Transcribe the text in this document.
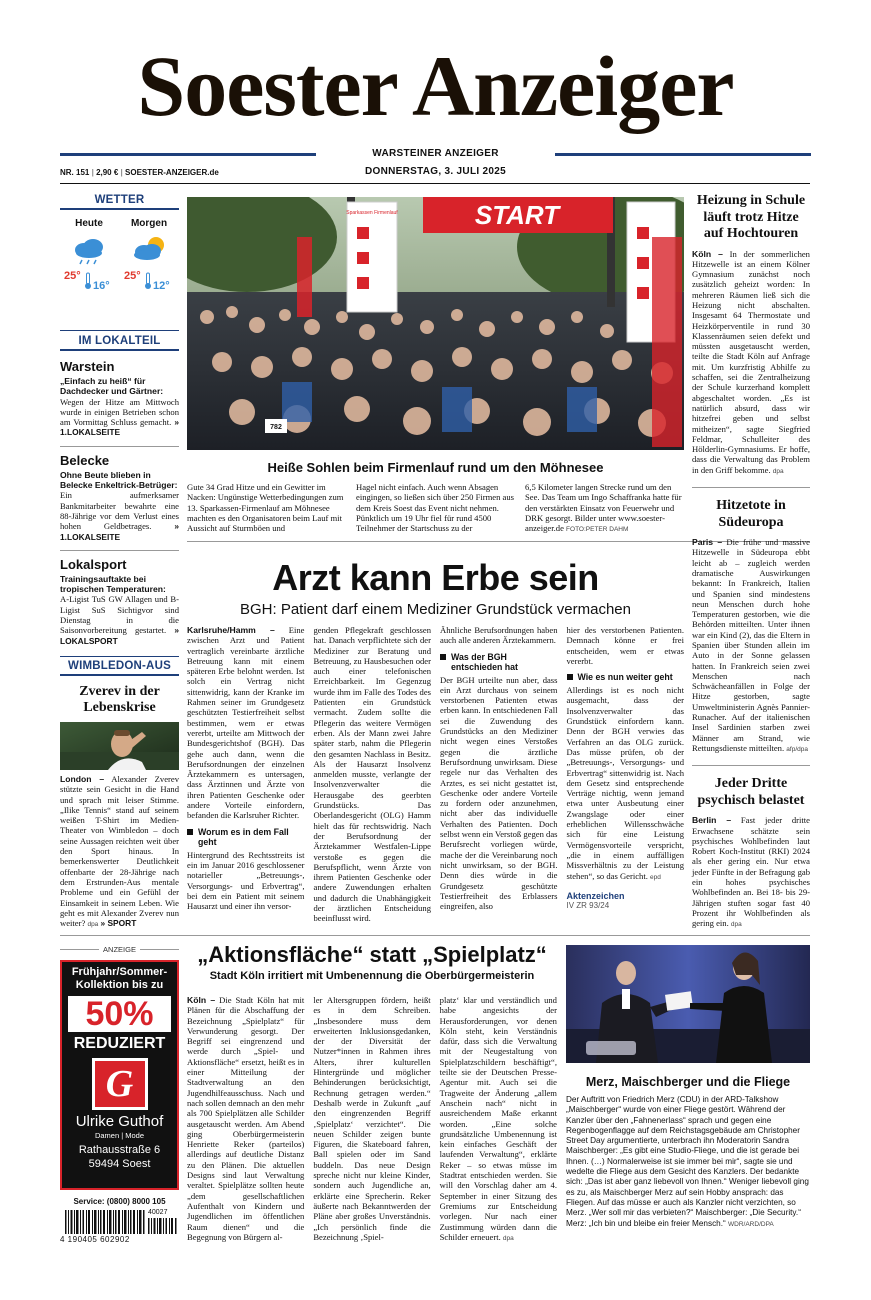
Soester Anzeiger
WARSTEINER ANZEIGER
DONNERSTAG, 3. JULI 2025
NR. 151 | 2,90 € | SOESTER-ANZEIGER.de
WETTER
Heute	Morgen
25°
16°
25°
12°
IM LOKALTEIL
Warstein
„Einfach zu heiß“ für Dachdecker und Gärtner:
Wegen der Hitze am Mittwoch wurde in einigen Betrieben schon am Vormittag Schluss gemacht. » 1.LOKALSEITE
Belecke
Ohne Beute blieben in Belecke Enkeltrick-Betrüger:
Ein aufmerksamer Bankmitarbeiter bewahrte eine 88-Jährige vor dem Verlust eines hohen Geldbetrages.	» 1.LOKALSEITE
Lokalsport
Trainingsauftakte bei tropischen Temperaturen:
A-Ligist TuS GW Allagen und B-Ligist SuS Sichtigvor sind Dienstag in die Saisonvorbereitung gestartet. » LOKALSPORT
WIMBLEDON-AUS
Zverev in der Lebenskrise
London – Alexander Zverev stützte sein Gesicht in die Hand und sprach mit leiser Stimme. „Ilike Tennis“ stand auf seinem weißen T-Shirt im Medien-Theater von Wimbledon – doch seine Aussagen reichten weit über den Sport hinaus. In bemerkenswerter Deutlichkeit offenbarte der 28-Jährige nach dem Erstrunden-Aus mentale Probleme und ein Gefühl der Einsamkeit in seinem Leben. Wie geht es mit Alexander Zverev nun weiter? dpa » SPORT
START
Sparkassen Firmenlauf
782
Heiße Sohlen beim Firmenlauf rund um den Möhnesee
Gute 34 Grad Hitze und ein Gewitter im Nacken: Ungünstige Wetterbedingungen zum 13. Sparkassen-Firmenlauf am Möhnesee machten es den Organisatoren beim Lauf mit Aussicht auf Sturmböen und
Hagel nicht einfach. Auch wenn Absagen eingingen, so ließen sich über 250 Firmen aus dem Kreis Soest das Event nicht nehmen. Pünktlich um 19 Uhr fiel für rund 4500 Teilnehmer der Startschuss zu der
6,5 Kilometer langen Strecke rund um den See. Das Team um Ingo Schaffranka hatte für den verstärkten Einsatz von Feuerwehr und DRK gesorgt. Bilder unter www.soester-anzeiger.de FOTO:PETER DAHM
Heizung in Schule läuft trotz Hitze auf Hochtouren
Köln – In der sommerlichen Hitzewelle ist an einem Kölner Gymnasium zunächst noch zusätzlich geheizt worden: In mehreren Räumen ließ sich die Heizung nicht abschalten. Insgesamt 64 Thermostate und Heizkörperventile in rund 30 Klassenräumen seien defekt und müssten ausgetauscht werden, teilte die Stadt Köln auf Anfrage mit. Um kurzfristig Abhilfe zu schaffen, sei die Zentralheizung der Schule kurzerhand komplett abgeschaltet worden. „Es ist natürlich absurd, dass wir hitzefrei geben und selbst mitheizen“, sagte Siegfried Feldmar, Schulleiter des Hölderlin-Gymnasiums. Er hoffe, dass die Verwaltung das Problem in den Griff bekomme. dpa
Hitzetote in Südeuropa
Paris – Die frühe und massive Hitzewelle in Südeuropa ebbt leicht ab – zugleich werden dramatische Auswirkungen bekannt: In Frankreich, Italien und Spanien sind mindestens neun Menschen durch hohe Temperaturen gestorben, wie die Behörden mitteilten. Unter ihnen war ein Kind (2), das die Eltern in Spanien über Stunden allein im Auto in der Sonne gelassen hatten. In Frankreich seien zwei Menschen nach Schwächeanfällen in Folge der Hitze gestorben, sagte Umweltministerin Agnès Pannier-Runacher. Auf der italienischen Insel Sardinien starben zwei Männer am Strand, wie Rettungsdienste mitteilten. afp/dpa
Jeder Dritte psychisch belastet
Berlin – Fast jeder dritte Erwachsene schätzte sein psychisches Wohlbefinden laut Robert Koch-Institut (RKI) 2024 als eher gering ein. Nur etwa jeder Fünfte in der Befragung gab ein hohes psychisches Wohlbefinden an. Bei 18- bis 29-Jährigen stuften sogar fast 40 Prozent ihr Wohlbefinden als gering ein. dpa
Arzt kann Erbe sein
BGH: Patient darf einem Mediziner Grundstück vermachen
Karlsruhe/Hamm – Eine zwischen Arzt und Patient vertraglich vereinbarte ärztliche Betreuung kann mit einem späteren Erbe belohnt werden. Ist solch ein Vertrag nicht sittenwidrig, kann der Kranke im Rahmen seiner im Grundgesetz geschützten Testierfreiheit selbst bestimmen, wem er etwas vererbt, urteilte am Mittwoch der Bundesgerichtshof (BGH). Das gehe auch dann, wenn die Berufsordnungen der einzelnen Ärztekammern es untersagen, dass Ärztinnen und Ärzte von ihren Patienten Geschenke oder andere Vorteile einfordern, befanden die Karlsruher Richter.
Worum es in dem Fall geht
Hintergrund des Rechtsstreits ist ein im Januar 2016 geschlossener notarieller „Betreuungs-, Versorgungs- und Erbvertrag“, bei dem ein Patient mit seinem Hausarzt und einer ihn versor-
genden Pflegekraft geschlossen hat. Danach verpflichtete sich der Mediziner zur Beratung und Betreuung, zu Hausbesuchen oder auch einer telefonischen Erreichbarkeit. Im Gegenzug wurde ihm im Falle des Todes des Patienten ein Grundstück vermacht. Zudem sollte die Pflegerin das weitere Vermögen erben. Als der Mann zwei Jahre später starb, nahm die Pflegerin den gesamten Nachlass in Besitz. Als der Hausarzt Insolvenz anmelden musste, verlangte der Insolvenzverwalter die Herausgabe des geerbten Grundstücks. Das Oberlandesgericht (OLG) Hamm hielt das für rechtswidrig. Nach der Berufsordnung der Ärztekammer Westfalen-Lippe verstoße es gegen die Berufspflicht, wenn Ärzte von ihrem Patienten Geschenke oder andere Zuwendungen erhalten und dadurch die Unabhängigkeit der ärztlichen Entscheidung beeinflusst wird.
Ähnliche Berufsordnungen haben auch alle anderen Ärztekammern.
Was der BGH entschieden hat
Der BGH urteilte nun aber, dass ein Arzt durchaus von seinem verstorbenen Patienten etwas erben kann. In entschiedenen Fall sei die Zuwendung des Grundstücks an den Mediziner nicht wegen eines Verstoßes gegen die ärztliche Berufsordnung unwirksam. Diese regele nur das Verhalten des Arztes, es sei nicht gestattet ist, Geschenke oder andere Vorteile zu fordern oder anzunehmen, nicht aber das individuelle Verhalten des Patienten. Doch selbst wenn ein Verstoß gegen das Berufsrecht vorliegen würde, mache der die Vereinbarung noch nicht unwirksam, so der BGH. Denn dies würde in die Grundgesetz geschützte Testierfreiheit des Erblassers eingreifen, also
hier des verstorbenen Patienten. Demnach könne er frei entscheiden, wem er etwas vererbt.
Wie es nun weiter geht
Allerdings ist es noch nicht ausgemacht, dass der Insolvenzverwalter das Grundstück einfordern kann. Denn der BGH verwies das Verfahren an das OLG zurück. Das müsse prüfen, ob der „Betreuungs-, Versorgungs- und Erbvertrag“ sittenwidrig ist. Nach dem Gesetz sind entsprechende Verträge nichtig, wenn jemand etwa unter Ausbeutung einer Zwangslage oder einer erheblichen Willensschwäche sich für eine Leistung Vermögensvorteile verspricht, „die in einem auffälligen Missverhältnis zu der Leistung stehen“, so das Gericht. epd
Aktenzeichen
IV ZR 93/24
ANZEIGE
Frühjahr/Sommer-
Kollektion bis zu
50%
REDUZIERT
G
Ulrike Guthof
Damen | Mode
Rathausstraße 6
59494 Soest
Service: (0800) 8000 105
40027
4 190405 602902
„Aktionsfläche“ statt „Spielplatz“
Stadt Köln irritiert mit Umbenennung die Oberbürgermeisterin
Köln – Die Stadt Köln hat mit Plänen für die Abschaffung der Bezeichnung „Spielplatz“ für Verwunderung gesorgt. Der Begriff sei eingrenzend und werde durch „Spiel- und Aktionsfläche“ ersetzt, heißt es in einer Mitteilung der Stadtverwaltung an den Jugendhilfeausschuss. Nach und nach sollen demnach an den mehr als 700 Spielplätzen alle Schilder ausgetauscht werden. Am Abend ging Oberbürgermeisterin Henriette Reker (parteilos) allerdings auf deutliche Distanz zu den Plänen. Die aktuellen Designs sind laut Verwaltung veraltet. Spielplätze sollten heute „dem gesellschaftlichen Aufenthalt von Kindern und Jugendlichen im öffentlichen Raum dienen“ und die Begegnung von Bürgern al-
ler Altersgruppen fördern, heißt es in dem Schreiben. „Insbesondere muss dem erweiterten Inklusionsgedanken, der der Diversität der Nutzer*innen in Rahmen ihres Alters, ihrer kulturellen Hintergründe und möglicher Behinderungen berücksichtigt, Rechnung getragen werden.“ Deshalb werde in Zukunft „auf den eingrenzenden Begriff ‚Spielplatz‘ verzichtet“. Die neuen Schilder zeigen bunte Figuren, die Skateboard fahren, Ball spielen oder im Sand buddeln. Das neue Design spreche nicht nur kleine Kinder, sondern auch Jugendliche an, erklärte eine Sprecherin. Reker äußerte nach Bekanntwerden der Pläne aber großes Unverständnis. „Ich persönlich finde die Bezeichnung ‚Spiel-
platz‘ klar und verständlich und habe angesichts der Herausforderungen, vor denen Köln steht, kein Verständnis dafür, dass sich die Verwaltung mit der Neugestaltung von Spielplatzschildern beschäftigt“, teilte sie der Deutschen Presse-Agentur mit. Auch sei die Tragweite der Änderung „allem Anschein nach“ nicht in ausreichendem Maße erkannt worden. „Eine solche grundsätzliche Umbenennung ist kein einfaches Geschäft der laufenden Verwaltung“, erklärte Reker – so etwas müsse im Stadtrat entschieden werden. Sie will den Vorschlag daher am 4. September in einer Sitzung des Gremiums zur Entscheidung vorlegen. Nur nach einer Zustimmung würden dann die Schilder erneuert. dpa
Merz, Maischberger und die Fliege
Der Auftritt von Friedrich Merz (CDU) in der ARD-Talkshow „Maischberger“ wurde von einer Fliege gestört. Während der Kanzler über den „Fahnenerlass“ sprach und gegen eine Regenbogenflagge auf dem Reichstagsgebäude am Christopher Street Day argumentierte, unterbrach ihn Moderatorin Sandra Maischberger: „Es gibt eine Studio-Fliege, und die ist gerade bei Ihnen. (…) Normalerweise ist sie immer bei mir“, sagte sie und wedelte die Fliege aus dem Gesicht des Kanzlers. Der bedankte sich: „Das ist aber ganz liebevoll von Ihnen.“ Weniger liebevoll ging es zu, als Maischberger Merz auf sein Hobby ansprach: das Fliegen. Auf das müsse er auch als Kanzler nicht verzichten, so Merz. „Wer soll mir das verbieten?“ Maischberger: „Die Security.“ Merz: „Ich bin und bleibe ein freier Mensch.“ WDR/ARD/DPA
